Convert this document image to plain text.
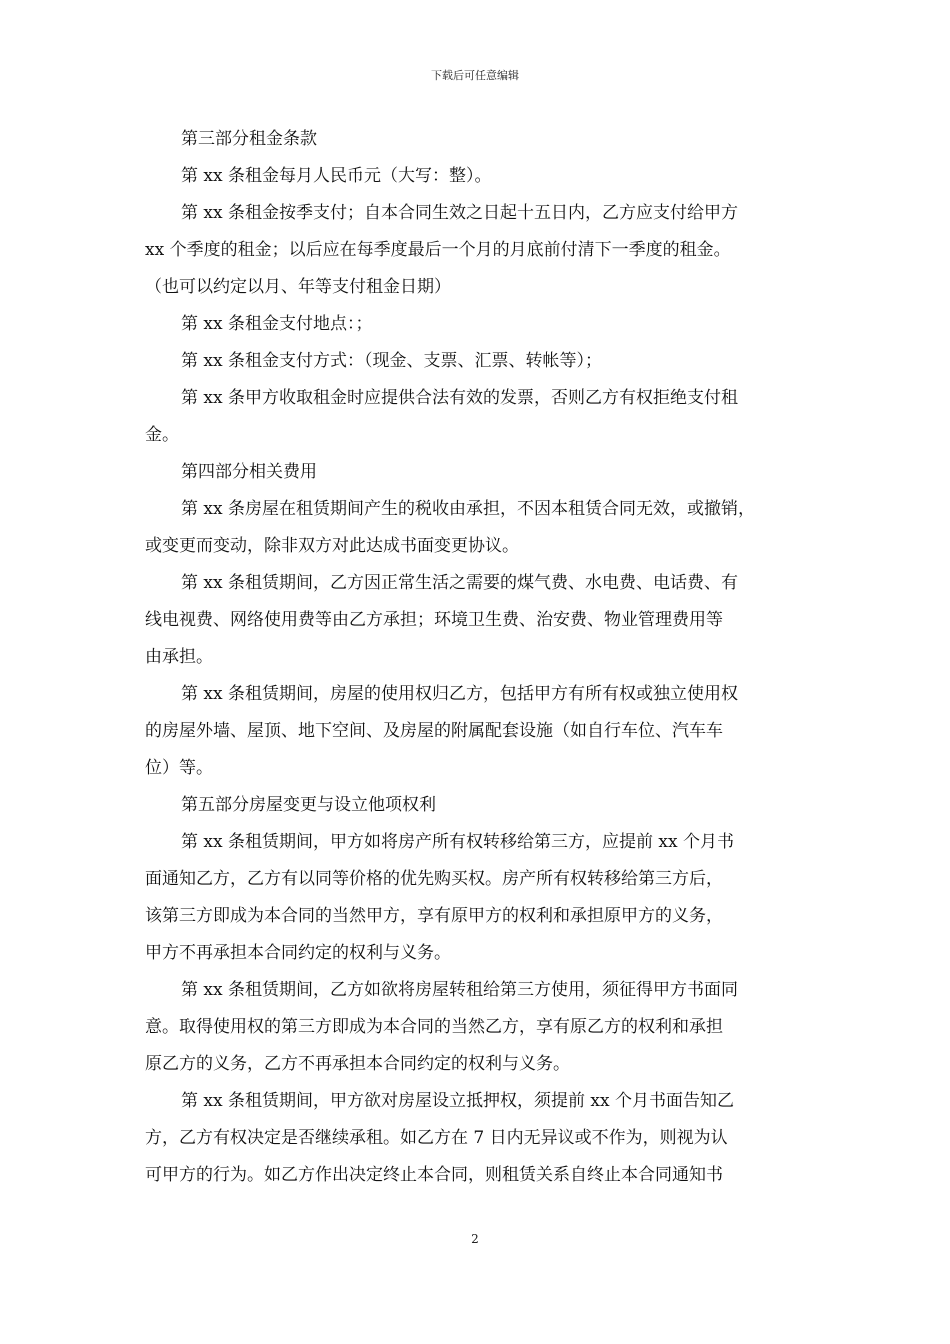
下载后可任意编辑
第三部分租金条款
第 xx 条租金每月人民币元（大写：整）。
第 xx 条租金按季支付；自本合同生效之日起十五日内，乙方应支付给甲方
xx 个季度的租金；以后应在每季度最后一个月的月底前付清下一季度的租金。
（也可以约定以月、年等支付租金日期）
第 xx 条租金支付地点：；
第 xx 条租金支付方式：（现金、支票、汇票、转帐等）；
第 xx 条甲方收取租金时应提供合法有效的发票，否则乙方有权拒绝支付租
金。
第四部分相关费用
第 xx 条房屋在租赁期间产生的税收由承担，不因本租赁合同无效，或撤销，
或变更而变动，除非双方对此达成书面变更协议。
第 xx 条租赁期间，乙方因正常生活之需要的煤气费、水电费、电话费、有
线电视费、网络使用费等由乙方承担；环境卫生费、治安费、物业管理费用等
由承担。
第 xx 条租赁期间，房屋的使用权归乙方，包括甲方有所有权或独立使用权
的房屋外墙、屋顶、地下空间、及房屋的附属配套设施（如自行车位、汽车车
位）等。
第五部分房屋变更与设立他项权利
第 xx 条租赁期间，甲方如将房产所有权转移给第三方，应提前 xx 个月书
面通知乙方，乙方有以同等价格的优先购买权。房产所有权转移给第三方后，
该第三方即成为本合同的当然甲方，享有原甲方的权利和承担原甲方的义务，
甲方不再承担本合同约定的权利与义务。
第 xx 条租赁期间，乙方如欲将房屋转租给第三方使用，须征得甲方书面同
意。取得使用权的第三方即成为本合同的当然乙方，享有原乙方的权利和承担
原乙方的义务，乙方不再承担本合同约定的权利与义务。
第 xx 条租赁期间，甲方欲对房屋设立抵押权，须提前 xx 个月书面告知乙
方，乙方有权决定是否继续承租。如乙方在 7 日内无异议或不作为，则视为认
可甲方的行为。如乙方作出决定终止本合同，则租赁关系自终止本合同通知书
2
